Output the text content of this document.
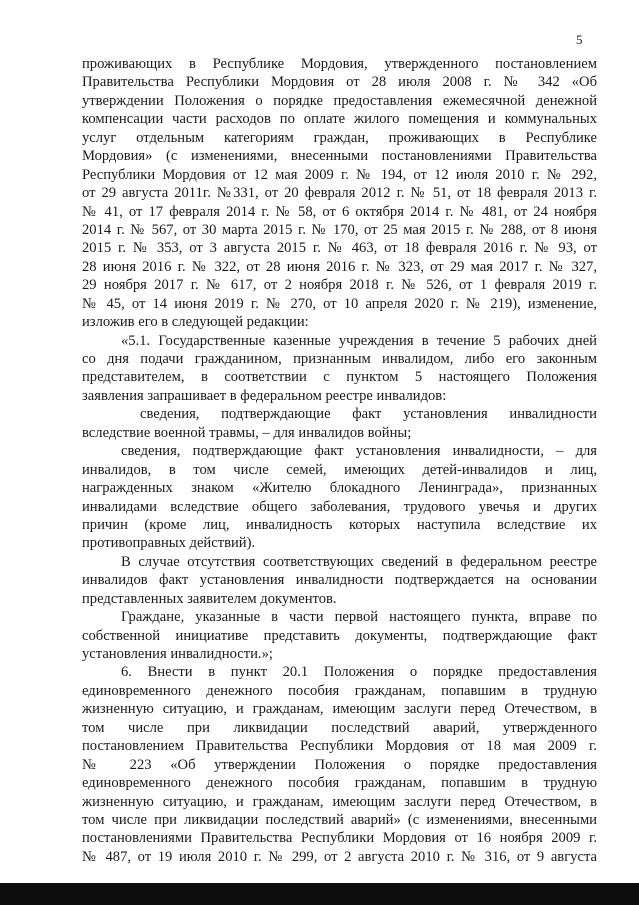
5
проживающих в Республике Мордовия, утвержденного постановлением
Правительства Республики Мордовия от 28 июля 2008 г. № 342 «Об
утверждении Положения о порядке предоставления ежемесячной денежной
компенсации части расходов по оплате жилого помещения и коммунальных
услуг отдельным категориям граждан, проживающих в Республике
Мордовия» (с изменениями, внесенными постановлениями Правительства
Республики Мордовия от 12 мая 2009 г. № 194, от 12 июля 2010 г. № 292,
от 29 августа 2011г. №331, от 20 февраля 2012 г. № 51, от 18 февраля 2013 г.
№ 41, от 17 февраля 2014 г. № 58, от 6 октября 2014 г. № 481, от 24 ноября
2014 г. № 567, от 30 марта 2015 г. № 170, от 25 мая 2015 г. № 288, от 8 июня
2015 г. № 353, от 3 августа 2015 г. № 463, от 18 февраля 2016 г. № 93, от
28 июня 2016 г. № 322, от 28 июня 2016 г. № 323, от 29 мая 2017 г. № 327,
29 ноября 2017 г. № 617, от 2 ноября 2018 г. № 526, от 1 февраля 2019 г.
№ 45, от 14 июня 2019 г. № 270, от 10 апреля 2020 г. № 219), изменение,
изложив его в следующей редакции:
«5.1. Государственные казенные учреждения в течение 5 рабочих дней
со дня подачи гражданином, признанным инвалидом, либо его законным
представителем, в соответствии с пунктом 5 настоящего Положения
заявления запрашивает в федеральном реестре инвалидов:
сведения, подтверждающие факт установления инвалидности
вследствие военной травмы, – для инвалидов войны;
сведения, подтверждающие факт установления инвалидности, – для
инвалидов, в том числе семей, имеющих детей-инвалидов и лиц,
награжденных знаком «Жителю блокадного Ленинграда», признанных
инвалидами вследствие общего заболевания, трудового увечья и других
причин (кроме лиц, инвалидность которых наступила вследствие их
противоправных действий).
В случае отсутствия соответствующих сведений в федеральном реестре
инвалидов факт установления инвалидности подтверждается на основании
представленных заявителем документов.
Граждане, указанные в части первой настоящего пункта, вправе по
собственной инициативе представить документы, подтверждающие факт
установления инвалидности.»;
6. Внести в пункт 20.1 Положения о порядке предоставления
единовременного денежного пособия гражданам, попавшим в трудную
жизненную ситуацию, и гражданам, имеющим заслуги перед Отечеством, в
том числе при ликвидации последствий аварий, утвержденного
постановлением Правительства Республики Мордовия от 18 мая 2009 г.
№ 223 «Об утверждении Положения о порядке предоставления
единовременного денежного пособия гражданам, попавшим в трудную
жизненную ситуацию, и гражданам, имеющим заслуги перед Отечеством, в
том числе при ликвидации последствий аварий» (с изменениями, внесенными
постановлениями Правительства Республики Мордовия от 16 ноября 2009 г.
№ 487, от 19 июля 2010 г. № 299, от 2 августа 2010 г. № 316, от 9 августа
